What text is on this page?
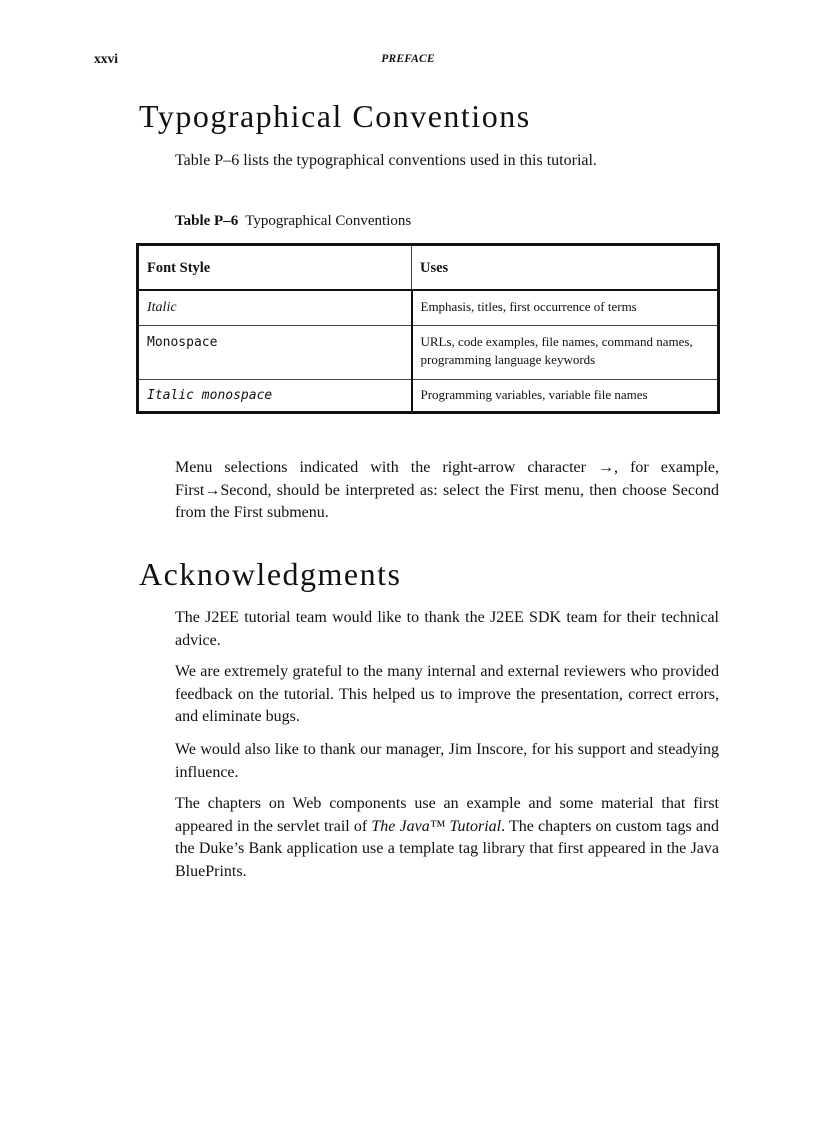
xxvi	PREFACE
Typographical Conventions

Table P–6 lists the typographical conventions used in this tutorial.

Table P–6 Typographical Conventions
Font Style	Uses
Italic	Emphasis, titles, first occurrence of terms
Monospace	URLs, code examples, file names, command names, programming language keywords
Italic monospace	Programming variables, variable file names

Menu selections indicated with the right-arrow character →, for example, First→Second, should be interpreted as: select the First menu, then choose Second from the First submenu.

Acknowledgments

The J2EE tutorial team would like to thank the J2EE SDK team for their technical advice.

We are extremely grateful to the many internal and external reviewers who provided feedback on the tutorial. This helped us to improve the presentation, correct errors, and eliminate bugs.

We would also like to thank our manager, Jim Inscore, for his support and steadying influence.

The chapters on Web components use an example and some material that first appeared in the servlet trail of The Java™ Tutorial. The chapters on custom tags and the Duke’s Bank application use a template tag library that first appeared in the Java BluePrints.
